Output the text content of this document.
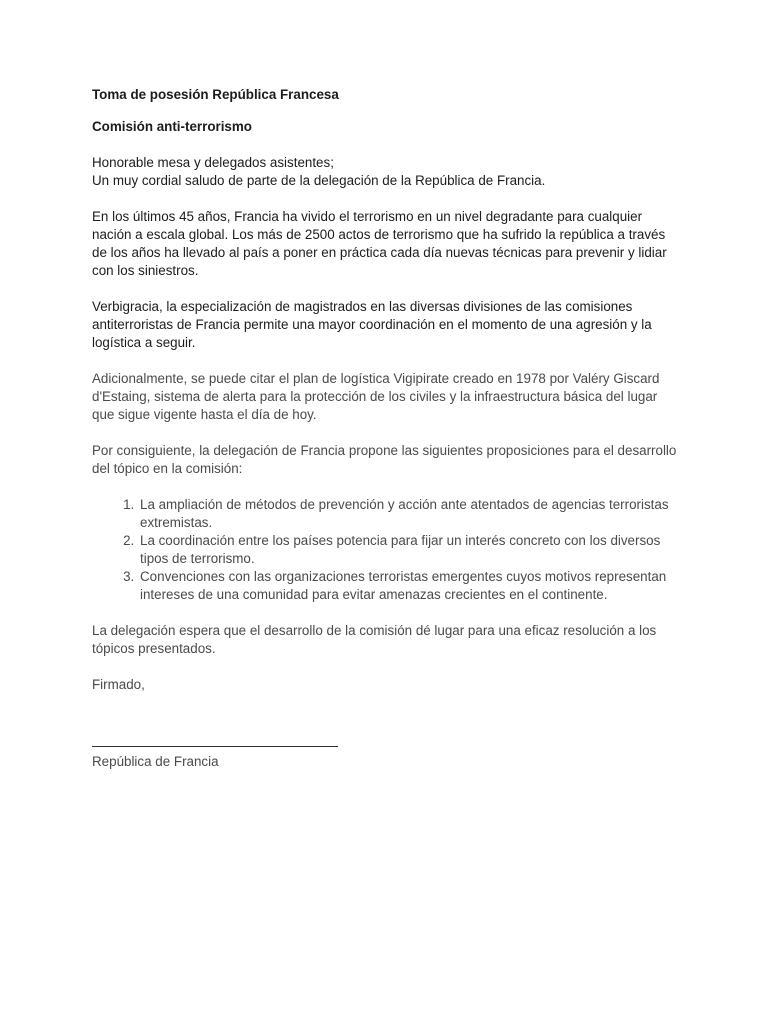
Toma de posesión República Francesa

Comisión anti-terrorismo

Honorable mesa y delegados asistentes;
Un muy cordial saludo de parte de la delegación de la República de Francia.

En los últimos 45 años, Francia ha vivido el terrorismo en un nivel degradante para cualquier nación a escala global. Los más de 2500 actos de terrorismo que ha sufrido la república a través de los años ha llevado al país a poner en práctica cada día nuevas técnicas para prevenir y lidiar con los siniestros.

Verbigracia, la especialización de magistrados en las diversas divisiones de las comisiones antiterroristas de Francia permite una mayor coordinación en el momento de una agresión y la logística a seguir.

Adicionalmente, se puede citar el plan de logística Vigipirate creado en 1978 por Valéry Giscard d'Estaing, sistema de alerta para la protección de los civiles y la infraestructura básica del lugar que sigue vigente hasta el día de hoy.

Por consiguiente, la delegación de Francia propone las siguientes proposiciones para el desarrollo del tópico en la comisión:

1. La ampliación de métodos de prevención y acción ante atentados de agencias terroristas extremistas.
2. La coordinación entre los países potencia para fijar un interés concreto con los diversos tipos de terrorismo.
3. Convenciones con las organizaciones terroristas emergentes cuyos motivos representan intereses de una comunidad para evitar amenazas crecientes en el continente.

La delegación espera que el desarrollo de la comisión dé lugar para una eficaz resolución a los tópicos presentados.

Firmado,
República de Francia
